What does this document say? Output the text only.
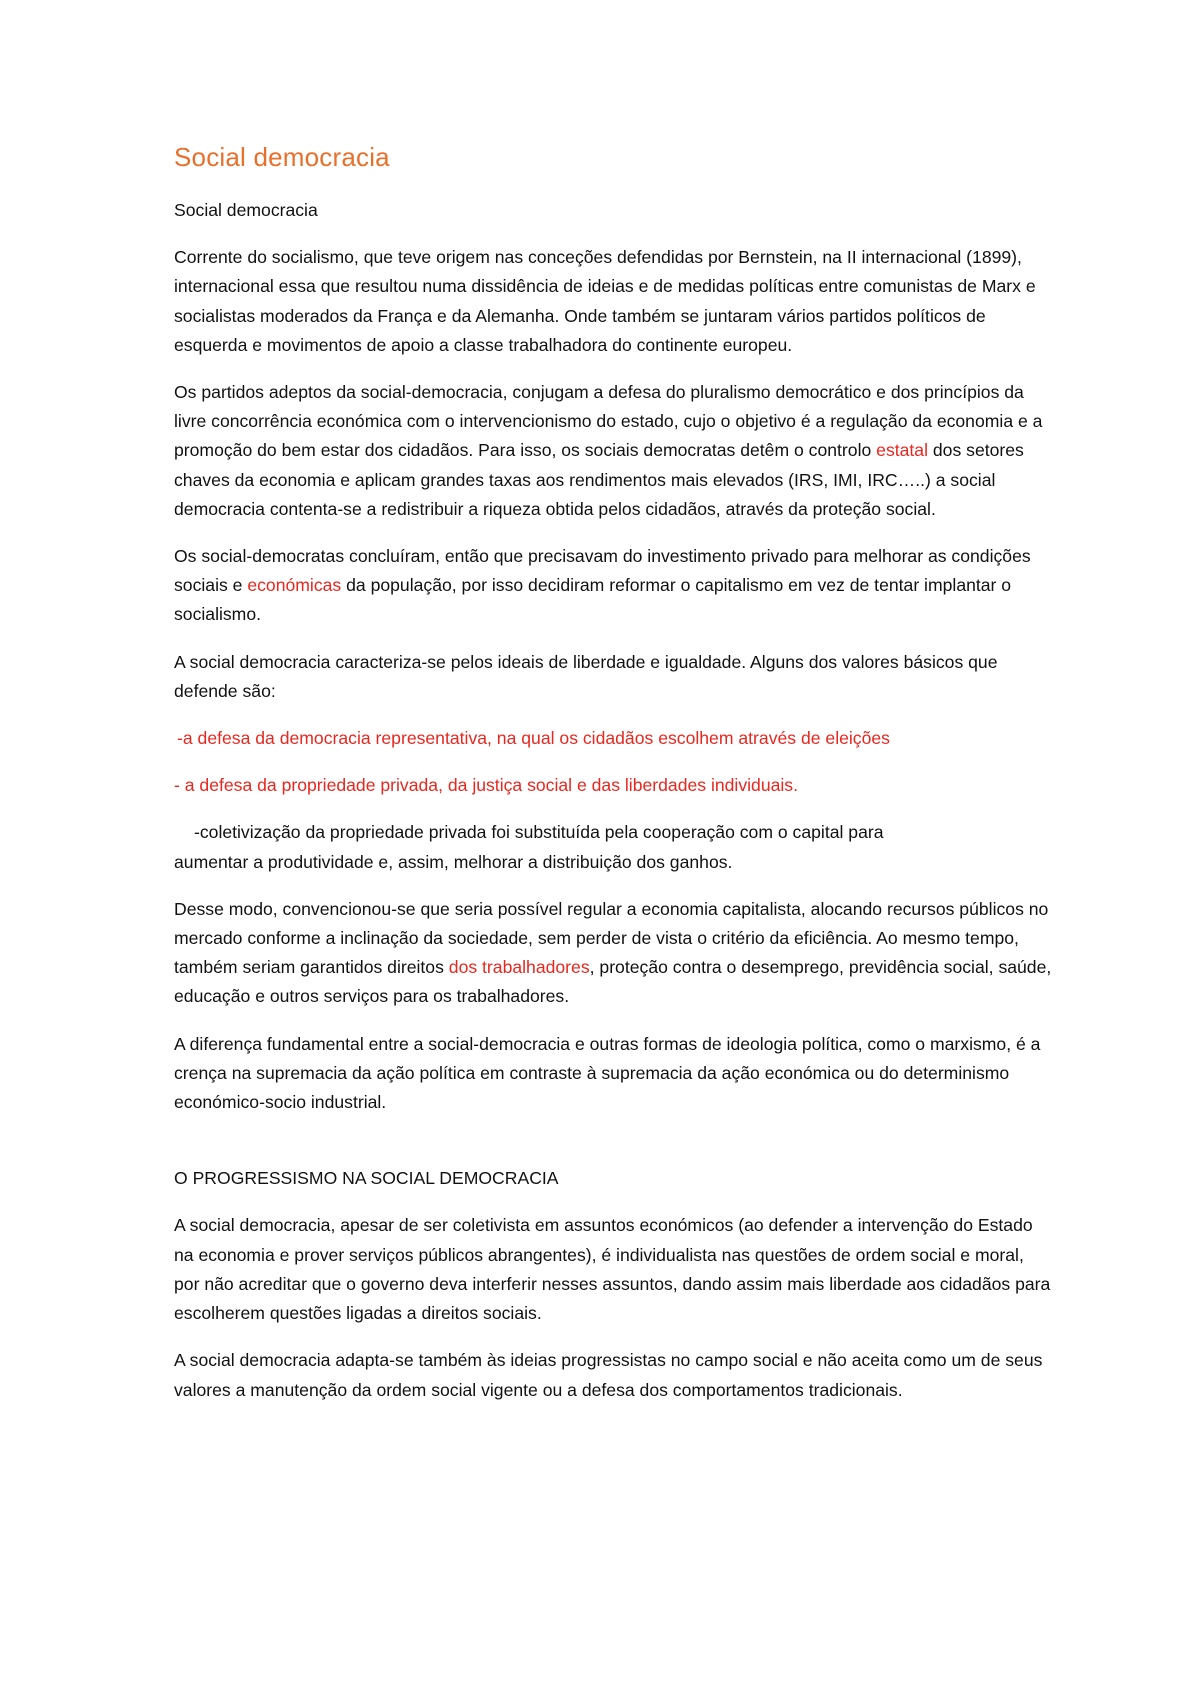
Social democracia

Social democracia

Corrente do socialismo, que teve origem nas conceções defendidas por Bernstein, na II internacional (1899), internacional essa que resultou numa dissidência de ideias e de medidas políticas entre comunistas de Marx e socialistas moderados da França e da Alemanha. Onde também se juntaram vários partidos políticos de esquerda e movimentos de apoio a classe trabalhadora do continente europeu.

Os partidos adeptos da social-democracia, conjugam a defesa do pluralismo democrático e dos princípios da livre concorrência económica com o intervencionismo do estado, cujo o objetivo é a regulação da economia e a promoção do bem estar dos cidadãos. Para isso, os sociais democratas detêm o controlo estatal dos setores chaves da economia e aplicam grandes taxas aos rendimentos mais elevados (IRS, IMI, IRC…..) a social democracia contenta-se a redistribuir a riqueza obtida pelos cidadãos, através da proteção social.

Os social-democratas concluíram, então que precisavam do investimento privado para melhorar as condições sociais e económicas da população, por isso decidiram reformar o capitalismo em vez de tentar implantar o socialismo.

A social democracia caracteriza-se pelos ideais de liberdade e igualdade. Alguns dos valores básicos que defende são:

-a defesa da democracia representativa, na qual os cidadãos escolhem através de eleições

- a defesa da propriedade privada, da justiça social e das liberdades individuais.

-coletivização da propriedade privada foi substituída pela cooperação com o capital para
aumentar a produtividade e, assim, melhorar a distribuição dos ganhos.

Desse modo, convencionou-se que seria possível regular a economia capitalista, alocando recursos públicos no mercado conforme a inclinação da sociedade, sem perder de vista o critério da eficiência. Ao mesmo tempo, também seriam garantidos direitos dos trabalhadores, proteção contra o desemprego, previdência social, saúde, educação e outros serviços para os trabalhadores.

A diferença fundamental entre a social-democracia e outras formas de ideologia política, como o marxismo, é a crença na supremacia da ação política em contraste à supremacia da ação económica ou do determinismo económico-socio industrial.

O PROGRESSISMO NA SOCIAL DEMOCRACIA

A social democracia, apesar de ser coletivista em assuntos económicos (ao defender a intervenção do Estado na economia e prover serviços públicos abrangentes), é individualista nas questões de ordem social e moral, por não acreditar que o governo deva interferir nesses assuntos, dando assim mais liberdade aos cidadãos para escolherem questões ligadas a direitos sociais.

A social democracia adapta-se também às ideias progressistas no campo social e não aceita como um de seus valores a manutenção da ordem social vigente ou a defesa dos comportamentos tradicionais.
